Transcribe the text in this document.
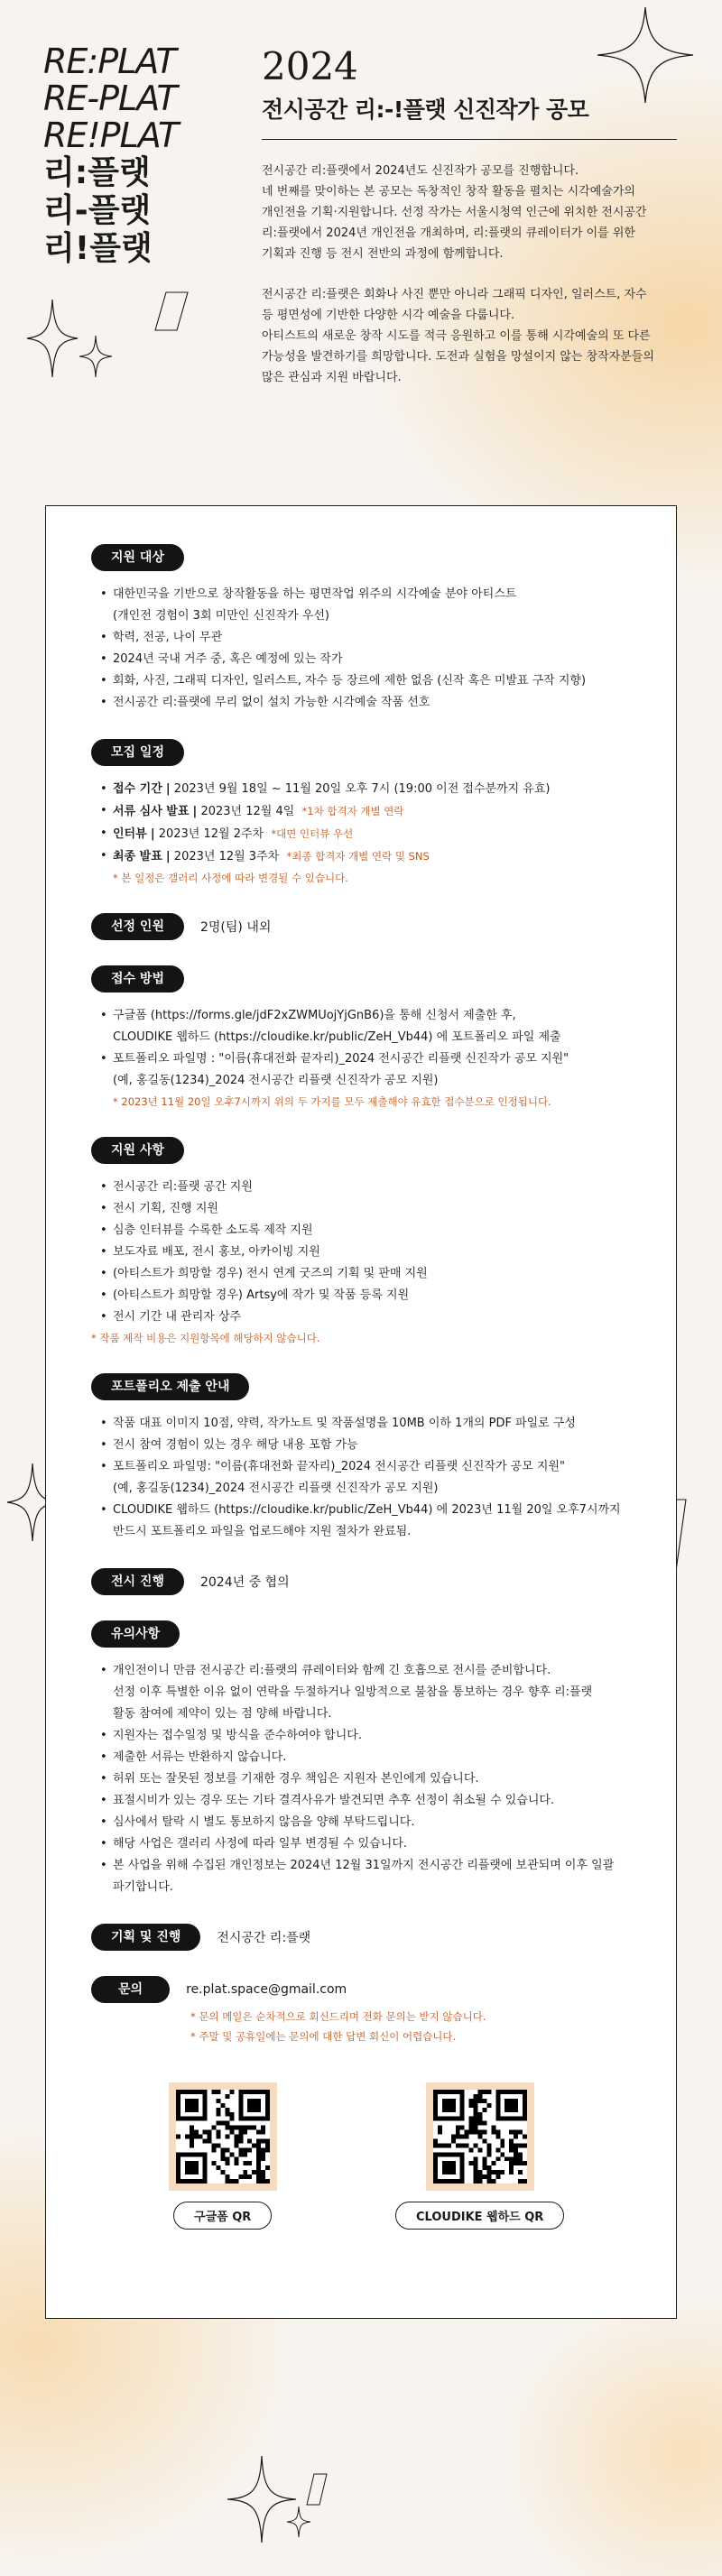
RE:PLAT
RE-PLAT
RE!PLAT
리:플랫
리-플랫
리!플랫
2024
전시공간 리:-!플랫 신진작가 공모

전시공간 리:플랫에서 2024년도 신진작가 공모를 진행합니다.
네 번째를 맞이하는 본 공모는 독창적인 창작 활동을 펼치는 시각예술가의
개인전을 기획·지원합니다. 선정 작가는 서울시청역 인근에 위치한 전시공간
리:플랫에서 2024년 개인전을 개최하며, 리:플랫의 큐레이터가 이를 위한
기획과 진행 등 전시 전반의 과정에 함께합니다.

전시공간 리:플랫은 회화나 사진 뿐만 아니라 그래픽 디자인, 일러스트, 자수
등 평면성에 기반한 다양한 시각 예술을 다룹니다.
아티스트의 새로운 창작 시도를 적극 응원하고 이를 통해 시각예술의 또 다른
가능성을 발견하기를 희망합니다. 도전과 실험을 망설이지 않는 창작자분들의
많은 관심과 지원 바랍니다.

지원 대상
• 대한민국을 기반으로 창작활동을 하는 평면작업 위주의 시각예술 분야 아티스트
(개인전 경험이 3회 미만인 신진작가 우선)
• 학력, 전공, 나이 무관
• 2024년 국내 거주 중, 혹은 예정에 있는 작가
• 회화, 사진, 그래픽 디자인, 일러스트, 자수 등 장르에 제한 없음 (신작 혹은 미발표 구작 지향)
• 전시공간 리:플랫에 무리 없이 설치 가능한 시각예술 작품 선호
모집 일정
• 접수 기간 | 2023년 9월 18일 ~ 11월 20일 오후 7시 (19:00 이전 접수분까지 유효)
• 서류 심사 발표 | 2023년 12월 4일 *1차 합격자 개별 연락
• 인터뷰 | 2023년 12월 2주차 *대면 인터뷰 우선
• 최종 발표 | 2023년 12월 3주차 *최종 합격자 개별 연락 및 SNS
* 본 일정은 갤러리 사정에 따라 변경될 수 있습니다.
선정 인원	2명(팀) 내외
접수 방법
• 구글폼 (https://forms.gle/jdF2xZWMUojYjGnB6)을 통해 신청서 제출한 후,
CLOUDIKE 웹하드 (https://cloudike.kr/public/ZeH_Vb44) 에 포트폴리오 파일 제출
• 포트폴리오 파일명 : "이름(휴대전화 끝자리)_2024 전시공간 리플랫 신진작가 공모 지원"
(예, 홍길동(1234)_2024 전시공간 리플랫 신진작가 공모 지원)
* 2023년 11월 20일 오후7시까지 위의 두 가지를 모두 제출해야 유효한 접수분으로 인정됩니다.
지원 사항
• 전시공간 리:플랫 공간 지원
• 전시 기획, 진행 지원
• 심층 인터뷰를 수록한 소도록 제작 지원
• 보도자료 배포, 전시 홍보, 아카이빙 지원
• (아티스트가 희망할 경우) 전시 연계 굿즈의 기획 및 판매 지원
• (아티스트가 희망할 경우) Artsy에 작가 및 작품 등록 지원
• 전시 기간 내 관리자 상주
* 작품 제작 비용은 지원항목에 해당하지 않습니다.
포트폴리오 제출 안내
• 작품 대표 이미지 10점, 약력, 작가노트 및 작품설명을 10MB 이하 1개의 PDF 파일로 구성
• 전시 참여 경험이 있는 경우 해당 내용 포함 가능
• 포트폴리오 파일명: "이름(휴대전화 끝자리)_2024 전시공간 리플랫 신진작가 공모 지원"
(예, 홍길동(1234)_2024 전시공간 리플랫 신진작가 공모 지원)
• CLOUDIKE 웹하드 (https://cloudike.kr/public/ZeH_Vb44) 에 2023년 11월 20일 오후7시까지
반드시 포트폴리오 파일을 업로드해야 지원 절차가 완료됨.
전시 진행	2024년 중 협의
유의사항
• 개인전이니 만큼 전시공간 리:플랫의 큐레이터와 함께 긴 호흡으로 전시를 준비합니다.
선정 이후 특별한 이유 없이 연락을 두절하거나 일방적으로 불참을 통보하는 경우 향후 리:플랫
활동 참여에 제약이 있는 점 양해 바랍니다.
• 지원자는 접수일정 및 방식을 준수하여야 합니다.
• 제출한 서류는 반환하지 않습니다.
• 허위 또는 잘못된 정보를 기재한 경우 책임은 지원자 본인에게 있습니다.
• 표절시비가 있는 경우 또는 기타 결격사유가 발견되면 추후 선정이 취소될 수 있습니다.
• 심사에서 탈락 시 별도 통보하지 않음을 양해 부탁드립니다.
• 해당 사업은 갤러리 사정에 따라 일부 변경될 수 있습니다.
• 본 사업을 위해 수집된 개인정보는 2024년 12월 31일까지 전시공간 리플랫에 보관되며 이후 일괄
파기합니다.
기획 및 진행	전시공간 리:플랫
문의	re.plat.space@gmail.com
* 문의 메일은 순차적으로 회신드리며 전화 문의는 받지 않습니다.
* 주말 및 공휴일에는 문의에 대한 답변 회신이 어렵습니다.
구글폼 QR	CLOUDIKE 웹하드 QR
